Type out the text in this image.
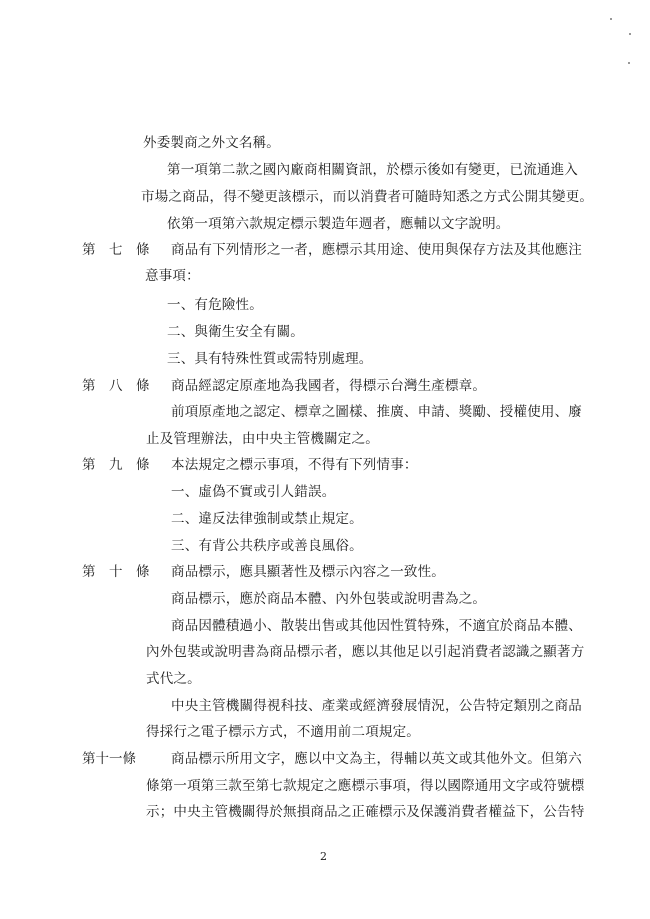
外委製商之外文名稱。
第一項第二款之國內廠商相關資訊，於標示後如有變更，已流通進入
市場之商品，得不變更該標示，而以消費者可隨時知悉之方式公開其變更。
依第一項第六款規定標示製造年週者，應輔以文字說明。
第　七　條 商品有下列情形之一者，應標示其用途、使用與保存方法及其他應注
意事項：
一、有危險性。
二、與衛生安全有關。
三、具有特殊性質或需特別處理。
第　八　條 商品經認定原產地為我國者，得標示台灣生產標章。
前項原產地之認定、標章之圖樣、推廣、申請、獎勵、授權使用、廢
止及管理辦法，由中央主管機關定之。
第　九　條 本法規定之標示事項，不得有下列情事：
一、虛偽不實或引人錯誤。
二、違反法律強制或禁止規定。
三、有背公共秩序或善良風俗。
第　十　條 商品標示，應具顯著性及標示內容之一致性。
商品標示，應於商品本體、內外包裝或說明書為之。
商品因體積過小、散裝出售或其他因性質特殊，不適宜於商品本體、
內外包裝或說明書為商品標示者，應以其他足以引起消費者認識之顯著方
式代之。
中央主管機關得視科技、產業或經濟發展情況，公告特定類別之商品
得採行之電子標示方式，不適用前二項規定。
第十一條	商品標示所用文字，應以中文為主，得輔以英文或其他外文。但第六
條第一項第三款至第七款規定之應標示事項，得以國際通用文字或符號標
示；中央主管機關得於無損商品之正確標示及保護消費者權益下，公告特
2
